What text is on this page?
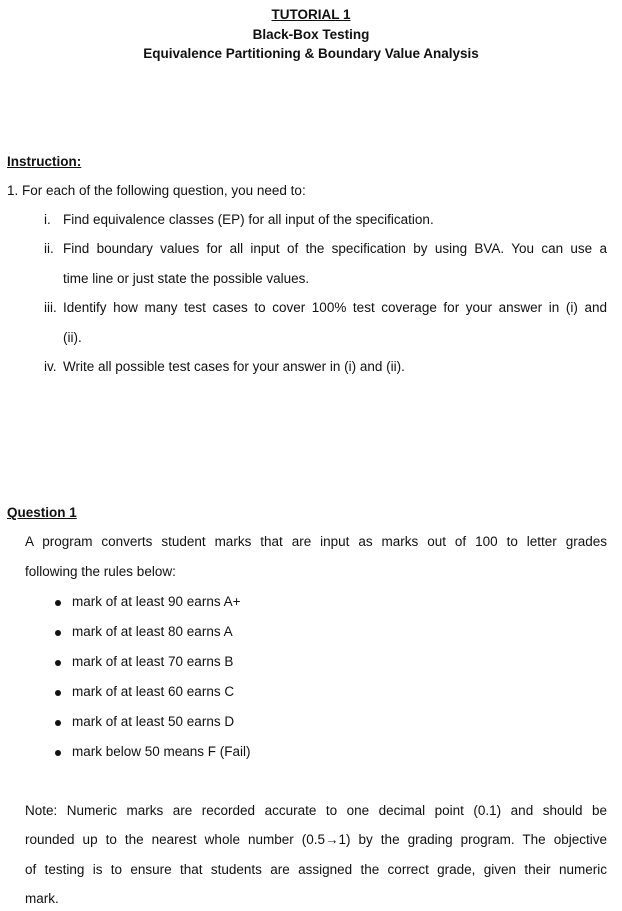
TUTORIAL 1
Black-Box Testing
Equivalence Partitioning & Boundary Value Analysis
Instruction:
1. For each of the following question, you need to:
i. Find equivalence classes (EP) for all input of the specification.
ii. Find boundary values for all input of the specification by using BVA. You can use a
time line or just state the possible values.
iii. Identify how many test cases to cover 100% test coverage for your answer in (i) and
(ii).
iv. Write all possible test cases for your answer in (i) and (ii).
Question 1
A program converts student marks that are input as marks out of 100 to letter grades
following the rules below:
mark of at least 90 earns A+
mark of at least 80 earns A
mark of at least 70 earns B
mark of at least 60 earns C
mark of at least 50 earns D
mark below 50 means F (Fail)
Note: Numeric marks are recorded accurate to one decimal point (0.1) and should be
rounded up to the nearest whole number (0.5→1) by the grading program. The objective
of testing is to ensure that students are assigned the correct grade, given their numeric
mark.
